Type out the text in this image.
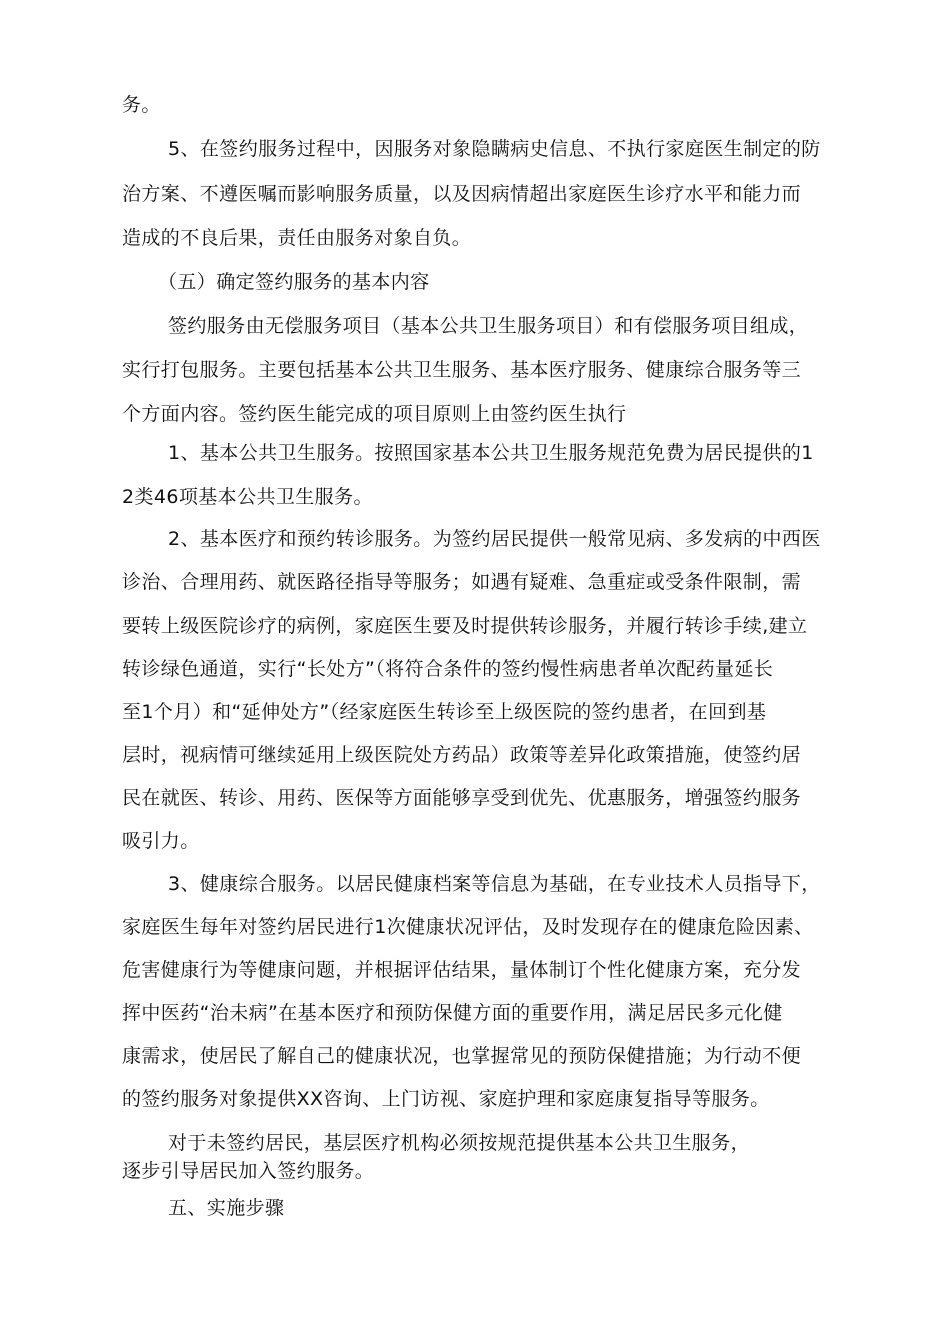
务。
5、在签约服务过程中，因服务对象隐瞒病史信息、不执行家庭医生制定的防
治方案、不遵医嘱而影响服务质量，以及因病情超出家庭医生诊疗水平和能力而
造成的不良后果，责任由服务对象自负。
（五）确定签约服务的基本内容
签约服务由无偿服务项目（基本公共卫生服务项目）和有偿服务项目组成，
实行打包服务。主要包括基本公共卫生服务、基本医疗服务、健康综合服务等三
个方面内容。签约医生能完成的项目原则上由签约医生执行
1、基本公共卫生服务。按照国家基本公共卫生服务规范免费为居民提供的1
2类46项基本公共卫生服务。
2、基本医疗和预约转诊服务。为签约居民提供一般常见病、多发病的中西医
诊治、合理用药、就医路径指导等服务；如遇有疑难、急重症或受条件限制，需
要转上级医院诊疗的病例，家庭医生要及时提供转诊服务，并履行转诊手续,建立
转诊绿色通道，实行“长处方”（将符合条件的签约慢性病患者单次配药量延长
至1个月）和“延伸处方”（经家庭医生转诊至上级医院的签约患者，在回到基
层时，视病情可继续延用上级医院处方药品）政策等差异化政策措施，使签约居
民在就医、转诊、用药、医保等方面能够享受到优先、优惠服务，增强签约服务
吸引力。
3、健康综合服务。以居民健康档案等信息为基础，在专业技术人员指导下，
家庭医生每年对签约居民进行1次健康状况评估，及时发现存在的健康危险因素、
危害健康行为等健康问题，并根据评估结果，量体制订个性化健康方案，充分发
挥中医药“治未病”在基本医疗和预防保健方面的重要作用，满足居民多元化健
康需求，使居民了解自己的健康状况，也掌握常见的预防保健措施；为行动不便
的签约服务对象提供XX咨询、上门访视、家庭护理和家庭康复指导等服务。
对于未签约居民，基层医疗机构必须按规范提供基本公共卫生服务，
逐步引导居民加入签约服务。
五、实施步骤
